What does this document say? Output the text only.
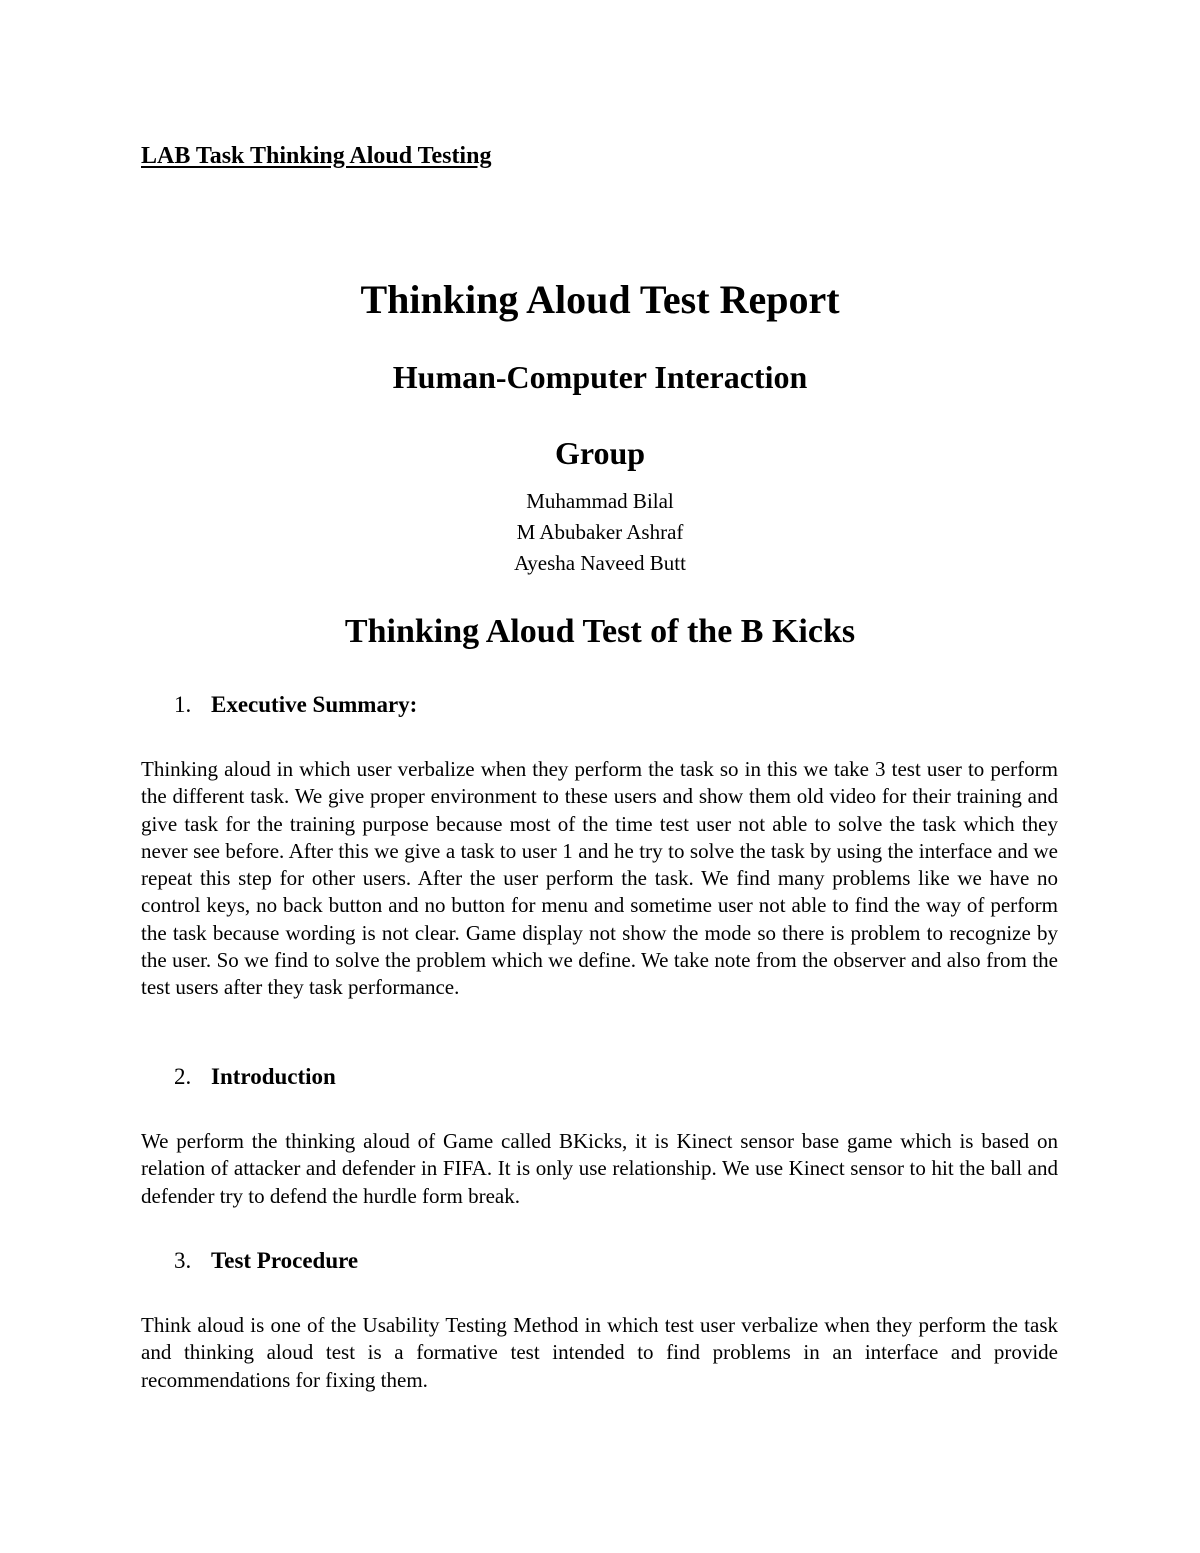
LAB Task Thinking Aloud Testing
Thinking Aloud Test Report
Human-Computer Interaction
Group
Muhammad Bilal
M Abubaker Ashraf
Ayesha Naveed Butt
Thinking Aloud Test of the B Kicks
1. Executive Summary:
Thinking aloud in which user verbalize when they perform the task so in this we take 3 test user to perform the different task. We give proper environment to these users and show them old video for their training and give task for the training purpose because most of the time test user not able to solve the task which they never see before. After this we give a task to user 1 and he try to solve the task by using the interface and we repeat this step for other users. After the user perform the task. We find many problems like we have no control keys, no back button and no button for menu and sometime user not able to find the way of perform the task because wording is not clear. Game display not show the mode so there is problem to recognize by the user. So we find to solve the problem which we define. We take note from the observer and also from the test users after they task performance.
2. Introduction
We perform the thinking aloud of Game called BKicks, it is Kinect sensor base game which is based on relation of attacker and defender in FIFA. It is only use relationship. We use Kinect sensor to hit the ball and defender try to defend the hurdle form break.
3. Test Procedure
Think aloud is one of the Usability Testing Method in which test user verbalize when they perform the task and thinking aloud test is a formative test intended to find problems in an interface and provide recommendations for fixing them.
